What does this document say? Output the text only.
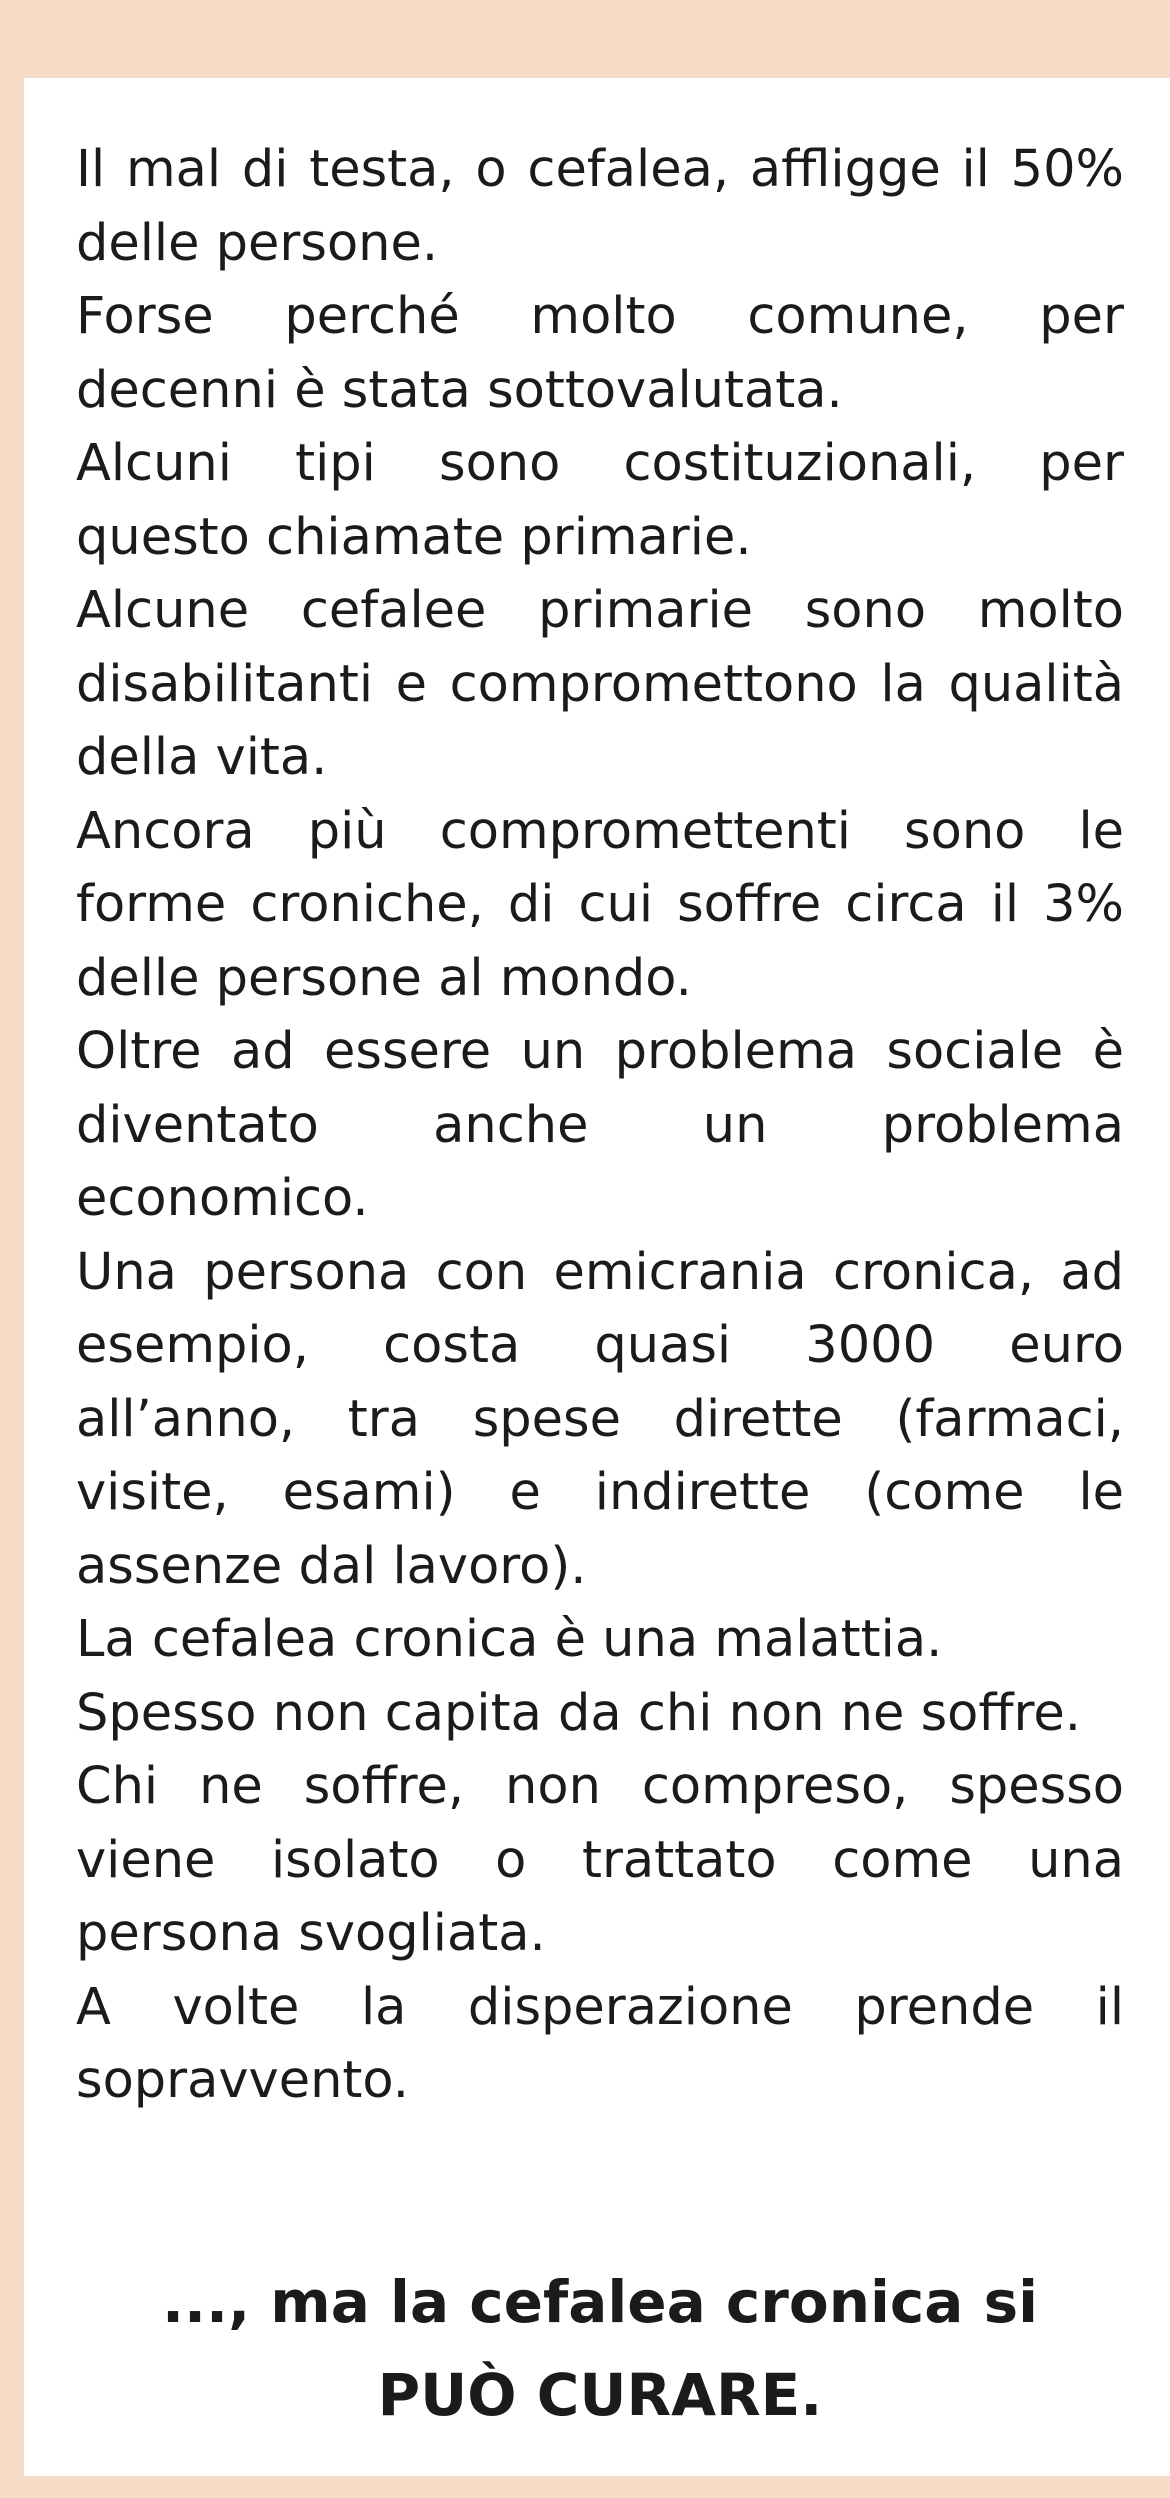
Il mal di testa, o cefalea, affligge il 50% delle persone.

Forse perché molto comune, per decenni è stata sottovalutata.

Alcuni tipi sono costituzionali, per questo chiamate primarie.

Alcune cefalee primarie sono molto disabilitanti e compromettono la qualità della vita.

Ancora più compromettenti sono le forme croniche, di cui soffre circa il 3% delle persone al mondo.

Oltre ad essere un problema sociale è diventato anche un problema economico.

Una persona con emicrania cronica, ad esempio, costa quasi 3000 euro all’anno, tra spese dirette (farmaci, visite, esami) e indirette (come le assenze dal lavoro).

La cefalea cronica è una malattia.

Spesso non capita da chi non ne soffre.

Chi ne soffre, non compreso, spesso viene isolato o trattato come una persona svogliata.

A volte la disperazione prende il sopravvento.

..., ma la cefalea cronica si
PUÒ CURARE.
